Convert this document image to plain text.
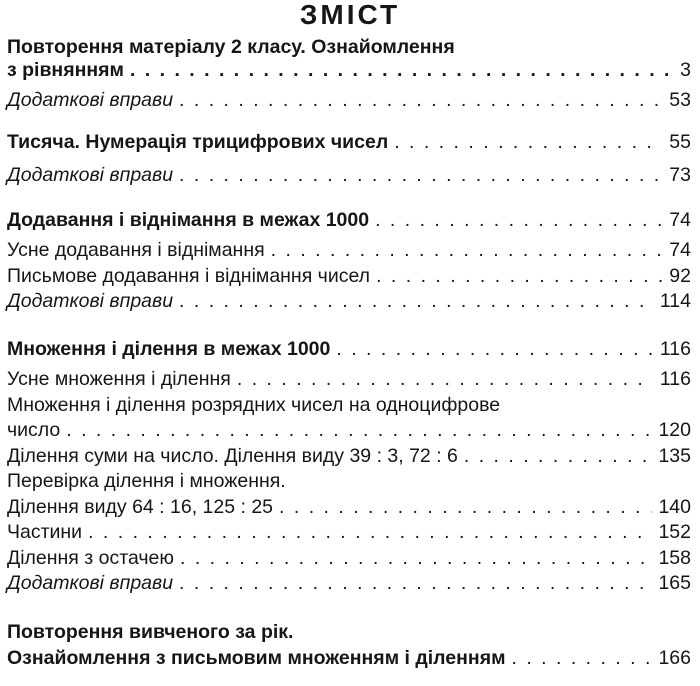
ЗМІСТ
Повторення матеріалу 2 класу. Ознайомлення
з рівнянням . . .	3
Додаткові вправи . . .	53
Тисяча. Нумерація трицифрових чисел . . .	55
Додаткові вправи . . .	73
Додавання і віднімання в межах 1000 . . .	74
Усне додавання і віднімання . . .	74
Письмове додавання і віднімання чисел . . .	92
Додаткові вправи . . .	114
Множення і ділення в межах 1000 . . .	116
Усне множення і ділення . . .	116
Множення і ділення розрядних чисел на одноцифрове
число . . .	120
Ділення суми на число. Ділення виду 39 : 3, 72 : 6 . . .	135
Перевірка ділення і множення.
Ділення виду 64 : 16, 125 : 25 . . .	140
Частини . . .	152
Ділення з остачею . . .	158
Додаткові вправи . . .	165
Повторення вивченого за рік.
Ознайомлення з письмовим множенням і діленням . . .	166
